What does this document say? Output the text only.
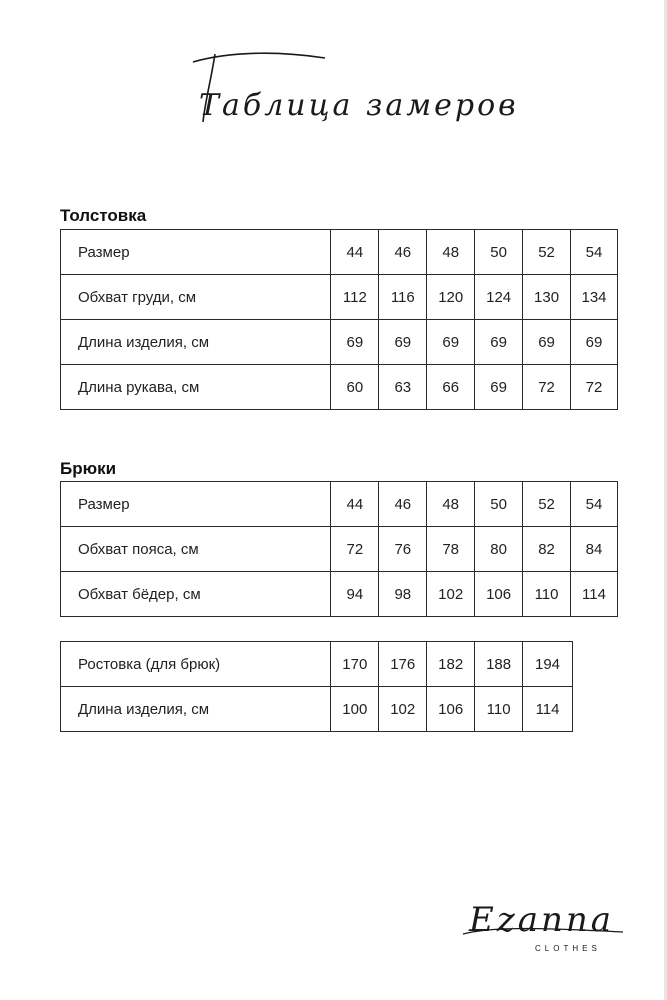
Таблица замеров
Толстовка
Размер	44	46	48	50	52	54
Обхват груди, см	112	116	120	124	130	134
Длина изделия, см	69	69	69	69	69	69
Длина рукава, см	60	63	66	69	72	72
Брюки
Размер	44	46	48	50	52	54
Обхват пояса, см	72	76	78	80	82	84
Обхват бёдер, см	94	98	102	106	110	114
Ростовка (для брюк)	170	176	182	188	194
Длина изделия, см	100	102	106	110	114
Ezanna
CLOTHES
